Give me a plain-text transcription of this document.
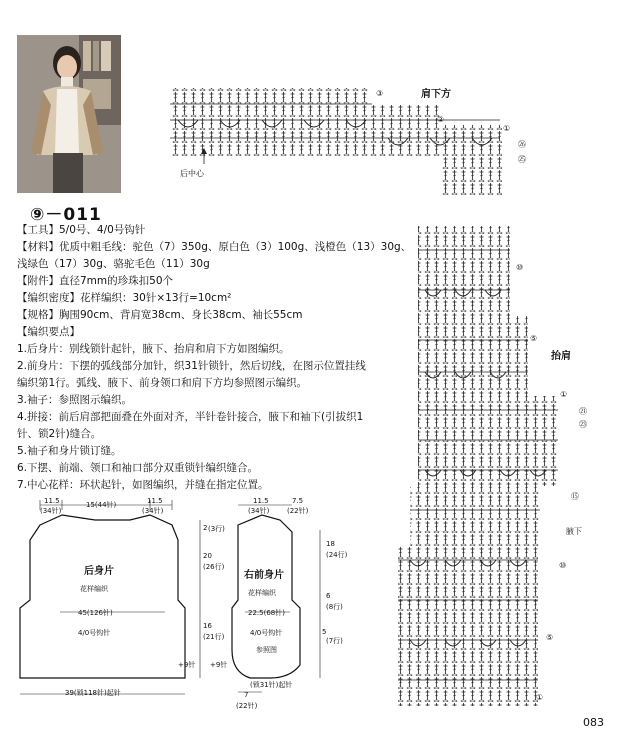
⑨－011
【工具】5/0号、4/0号钩针
【材料】优质中粗毛线：驼色（7）350g、原白色（3）100g、浅橙色（13）30g、
浅绿色（17）30g、骆驼毛色（11）30g
【附件】直径7mm的珍珠扣50个
【编织密度】花样编织：30针×13行=10cm²
【规格】胸围90cm、背肩宽38cm、身长38cm、袖长55cm
【编织要点】
1.后身片：别线锁针起针，腋下、抬肩和肩下方如图编织。
2.前身片：下摆的弧线部分加针，织31针锁针，然后切线，在图示位置挂线
编织第1行。弧线、腋下、前身领口和肩下方均参照图示编织。
3.袖子：参照图示编织。
4.拼接：前后肩部把面叠在外面对齐，半针卷针接合，腋下和袖下(引拔织1
针、锁2针)缝合。
5.袖子和身片锁订缝。
6.下摆、前端、领口和袖口部分双重锁针编织缝合。
7.中心花样：环状起针，如图编织，并缝在指定位置。
肩下方
后中心
抬肩
腋下
③
②
①
㉖
㉕
⑩
⑤
①
㉑
㉓
⑮
⑩
⑤
①
11.5
(34针)
15(44针)	11.5
(34针)
后身片
花样编织
45(126针)
4/0号钩针
39(锁118针)起针
2 (3行)
20
(26行)
16
(21行)
+9针
11.5
(34针)
7.5
(22针)
右前身片
花样编织
22.5(68针)
4/0号钩针
参照图
18
(24行)
6
(8行)
5
(7行)
(锁31针)起针
7
(22针)
+9针
083
